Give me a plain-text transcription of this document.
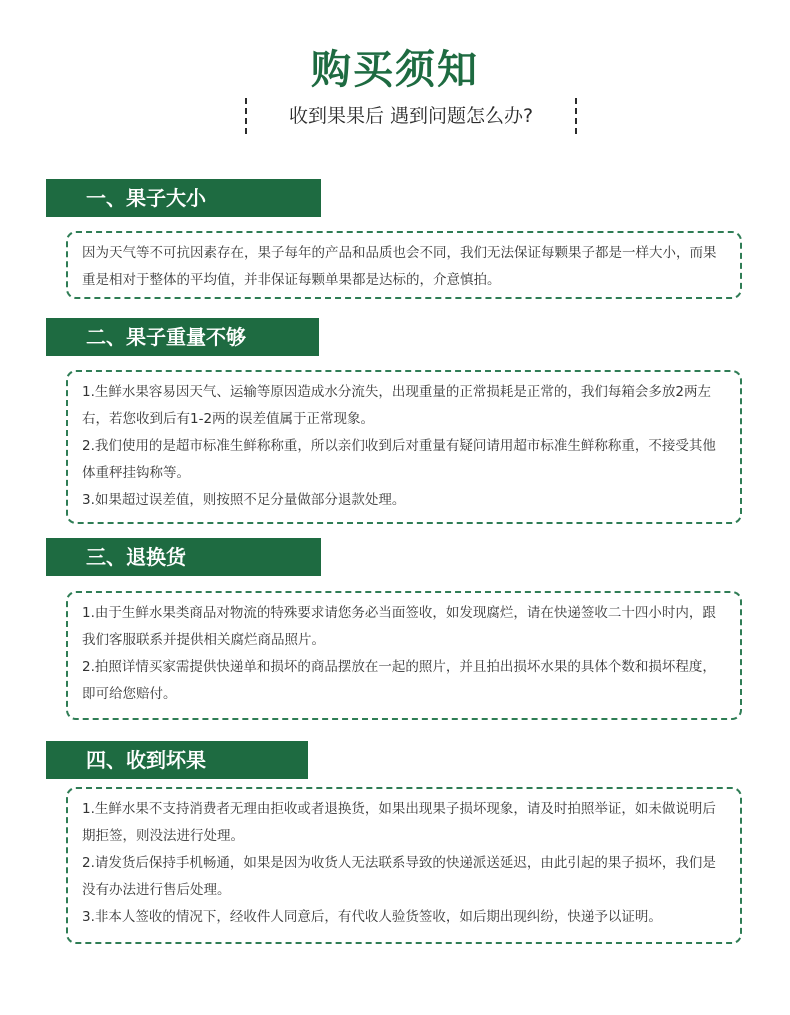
购买须知
收到果果后 遇到问题怎么办?
一、果子大小

因为天气等不可抗因素存在，果子每年的产品和品质也会不同，我们无法保证每颗果子都是一样大小，而果重是相对于整体的平均值，并非保证每颗单果都是达标的，介意慎拍。

二、果子重量不够

1.生鲜水果容易因天气、运输等原因造成水分流失，出现重量的正常损耗是正常的，我们每箱会多放2两左右，若您收到后有1-2两的误差值属于正常现象。

2.我们使用的是超市标准生鲜称称重，所以亲们收到后对重量有疑问请用超市标准生鲜称称重，不接受其他体重秤挂钩称等。

3.如果超过误差值，则按照不足分量做部分退款处理。

三、退换货

1.由于生鲜水果类商品对物流的特殊要求请您务必当面签收，如发现腐烂，请在快递签收二十四小时内，跟我们客服联系并提供相关腐烂商品照片。

2.拍照详情买家需提供快递单和损坏的商品摆放在一起的照片，并且拍出损坏水果的具体个数和损坏程度，即可给您赔付。

四、收到坏果

1.生鲜水果不支持消费者无理由拒收或者退换货，如果出现果子损坏现象，请及时拍照举证，如未做说明后期拒签，则没法进行处理。

2.请发货后保持手机畅通，如果是因为收货人无法联系导致的快递派送延迟，由此引起的果子损坏，我们是没有办法进行售后处理。

3.非本人签收的情况下，经收件人同意后，有代收人验货签收，如后期出现纠纷，快递予以证明。
